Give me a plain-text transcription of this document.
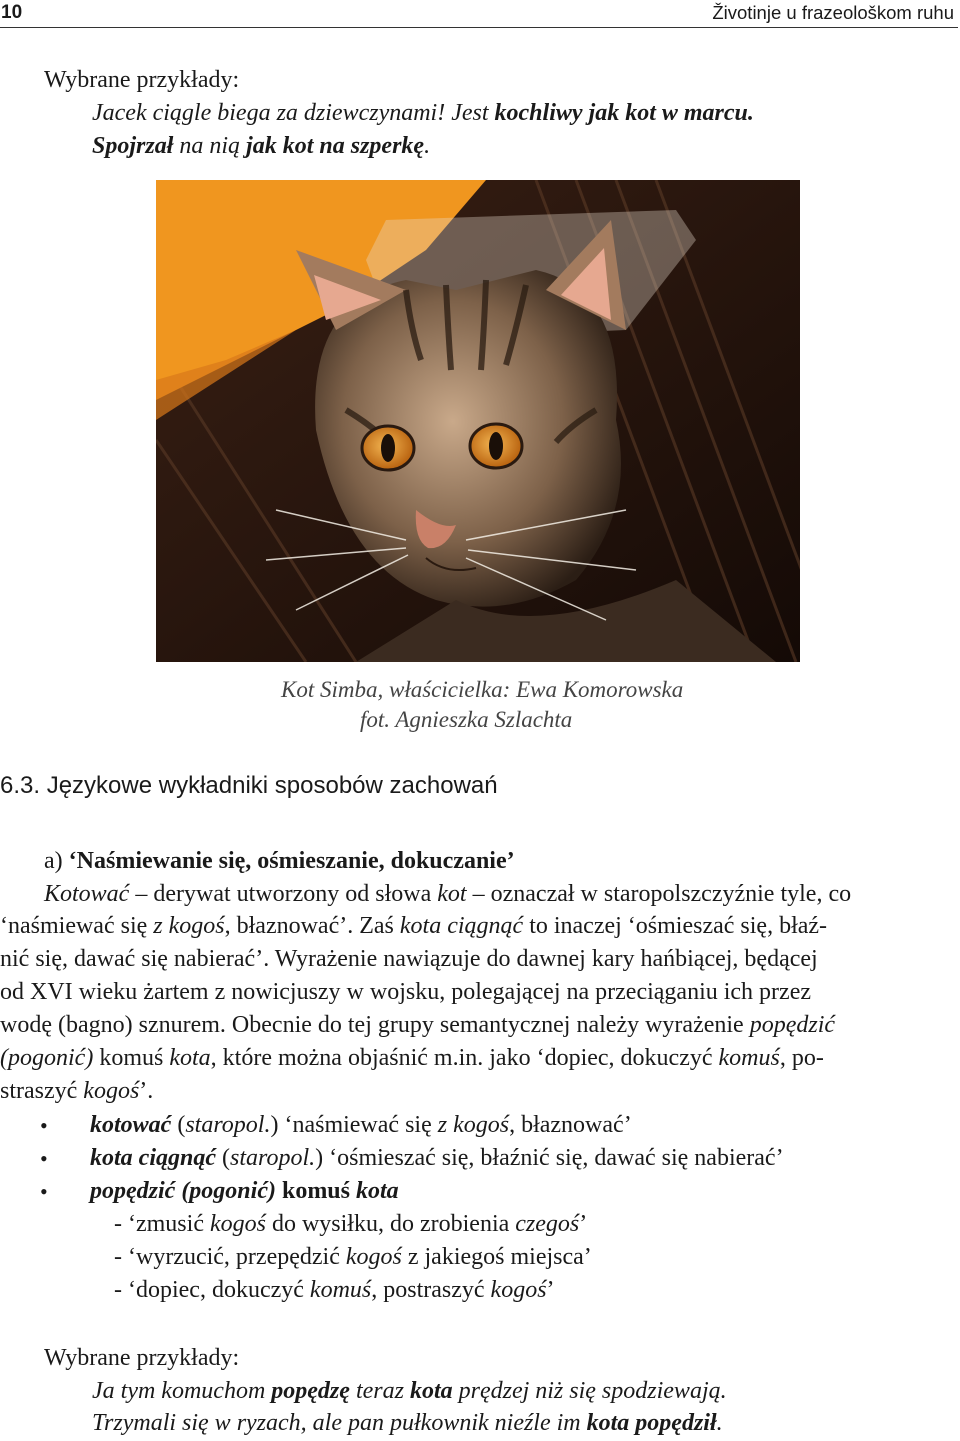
10	Životinje u frazeološkom ruhu
Wybrane przykłady:
Jacek ciągle biega za dziewczynami! Jest kochliwy jak kot w marcu.
Spojrzał na nią jak kot na szperkę.
Kot Simba, właścicielka: Ewa Komorowska
fot. Agnieszka Szlachta
6.3. Językowe wykładniki sposobów zachowań
a) ‘Naśmiewanie się, ośmieszanie, dokuczanie’
Kotować – derywat utworzony od słowa kot – oznaczał w staropolszczyźnie tyle, co
‘naśmiewać się z kogoś, błaznować’. Zaś kota ciągnąć to inaczej ‘ośmieszać się, błaź-
nić się, dawać się nabierać’. Wyrażenie nawiązuje do dawnej kary hańbiącej, będącej
od XVI wieku żartem z nowicjuszy w wojsku, polegającej na przeciąganiu ich przez
wodę (bagno) sznurem. Obecnie do tej grupy semantycznej należy wyrażenie popędzić
(pogonić) komuś kota, które można objaśnić m.in. jako ‘dopiec, dokuczyć komuś, po-
straszyć kogoś’.
• kotować (staropol.) ‘naśmiewać się z kogoś, błaznować’
• kota ciągnąć (staropol.) ‘ośmieszać się, błaźnić się, dawać się nabierać’
• popędzić (pogonić) komuś kota
- ‘zmusić kogoś do wysiłku, do zrobienia czegoś’
- ‘wyrzucić, przepędzić kogoś z jakiegoś miejsca’
- ‘dopiec, dokuczyć komuś, postraszyć kogoś’
Wybrane przykłady:
Ja tym komuchom popędzę teraz kota prędzej niż się spodziewają.
Trzymali się w ryzach, ale pan pułkownik nieźle im kota popędził.
